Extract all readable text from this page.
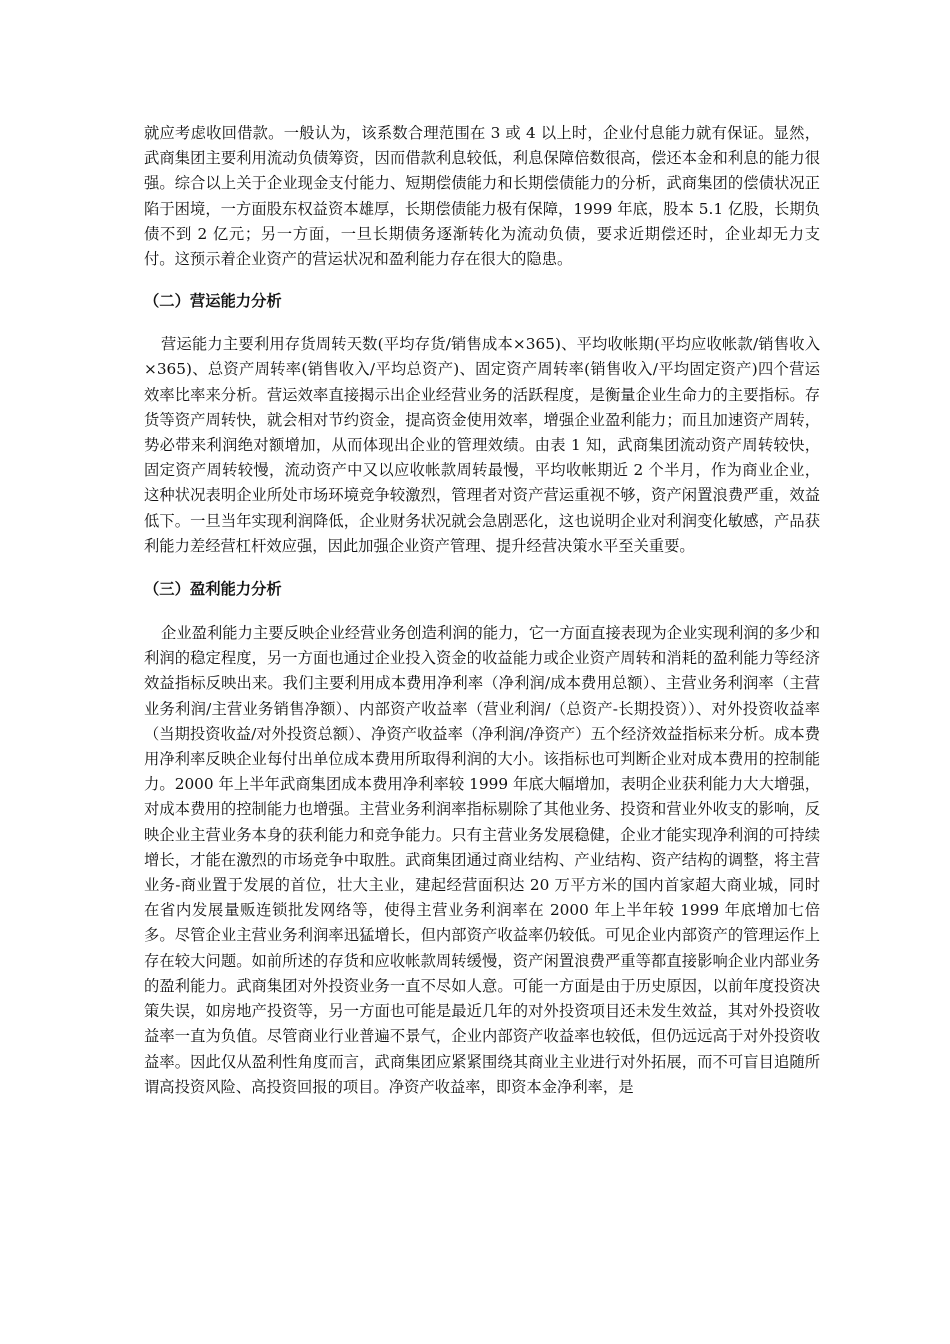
就应考虑收回借款。一般认为，该系数合理范围在 3 或 4 以上时，企业付息能力就有保证。显然，武商集团主要利用流动负债筹资，因而借款利息较低，利息保障倍数很高，偿还本金和利息的能力很强。综合以上关于企业现金支付能力、短期偿债能力和长期偿债能力的分析，武商集团的偿债状况正陷于困境，一方面股东权益资本雄厚，长期偿债能力极有保障，1999 年底，股本 5.1 亿股，长期负债不到 2 亿元；另一方面，一旦长期债务逐渐转化为流动负债，要求近期偿还时，企业却无力支付。这预示着企业资产的营运状况和盈利能力存在很大的隐患。

（二）营运能力分析

营运能力主要利用存货周转天数(平均存货/销售成本×365)、平均收帐期(平均应收帐款/销售收入×365)、总资产周转率(销售收入/平均总资产)、固定资产周转率(销售收入/平均固定资产)四个营运效率比率来分析。营运效率直接揭示出企业经营业务的活跃程度，是衡量企业生命力的主要指标。存货等资产周转快，就会相对节约资金，提高资金使用效率，增强企业盈利能力；而且加速资产周转，势必带来利润绝对额增加，从而体现出企业的管理效绩。由表 1 知，武商集团流动资产周转较快，固定资产周转较慢，流动资产中又以应收帐款周转最慢，平均收帐期近 2 个半月，作为商业企业，这种状况表明企业所处市场环境竞争较激烈，管理者对资产营运重视不够，资产闲置浪费严重，效益低下。一旦当年实现利润降低，企业财务状况就会急剧恶化，这也说明企业对利润变化敏感，产品获利能力差经营杠杆效应强，因此加强企业资产管理、提升经营决策水平至关重要。

（三）盈利能力分析

企业盈利能力主要反映企业经营业务创造利润的能力，它一方面直接表现为企业实现利润的多少和利润的稳定程度，另一方面也通过企业投入资金的收益能力或企业资产周转和消耗的盈利能力等经济效益指标反映出来。我们主要利用成本费用净利率（净利润/成本费用总额）、主营业务利润率（主营业务利润/主营业务销售净额）、内部资产收益率（营业利润/（总资产-长期投资））、对外投资收益率（当期投资收益/对外投资总额）、净资产收益率（净利润/净资产）五个经济效益指标来分析。成本费用净利率反映企业每付出单位成本费用所取得利润的大小。该指标也可判断企业对成本费用的控制能力。2000 年上半年武商集团成本费用净利率较 1999 年底大幅增加，表明企业获利能力大大增强，对成本费用的控制能力也增强。主营业务利润率指标剔除了其他业务、投资和营业外收支的影响，反映企业主营业务本身的获利能力和竞争能力。只有主营业务发展稳健，企业才能实现净利润的可持续增长，才能在激烈的市场竞争中取胜。武商集团通过商业结构、产业结构、资产结构的调整，将主营业务-商业置于发展的首位，壮大主业，建起经营面积达 20 万平方米的国内首家超大商业城，同时在省内发展量贩连锁批发网络等，使得主营业务利润率在 2000 年上半年较 1999 年底增加七倍多。尽管企业主营业务利润率迅猛增长，但内部资产收益率仍较低。可见企业内部资产的管理运作上存在较大问题。如前所述的存货和应收帐款周转缓慢，资产闲置浪费严重等都直接影响企业内部业务的盈利能力。武商集团对外投资业务一直不尽如人意。可能一方面是由于历史原因，以前年度投资决策失误，如房地产投资等，另一方面也可能是最近几年的对外投资项目还未发生效益，其对外投资收益率一直为负值。尽管商业行业普遍不景气，企业内部资产收益率也较低，但仍远远高于对外投资收益率。因此仅从盈利性角度而言，武商集团应紧紧围绕其商业主业进行对外拓展，而不可盲目追随所谓高投资风险、高投资回报的项目。净资产收益率，即资本金净利率，是
